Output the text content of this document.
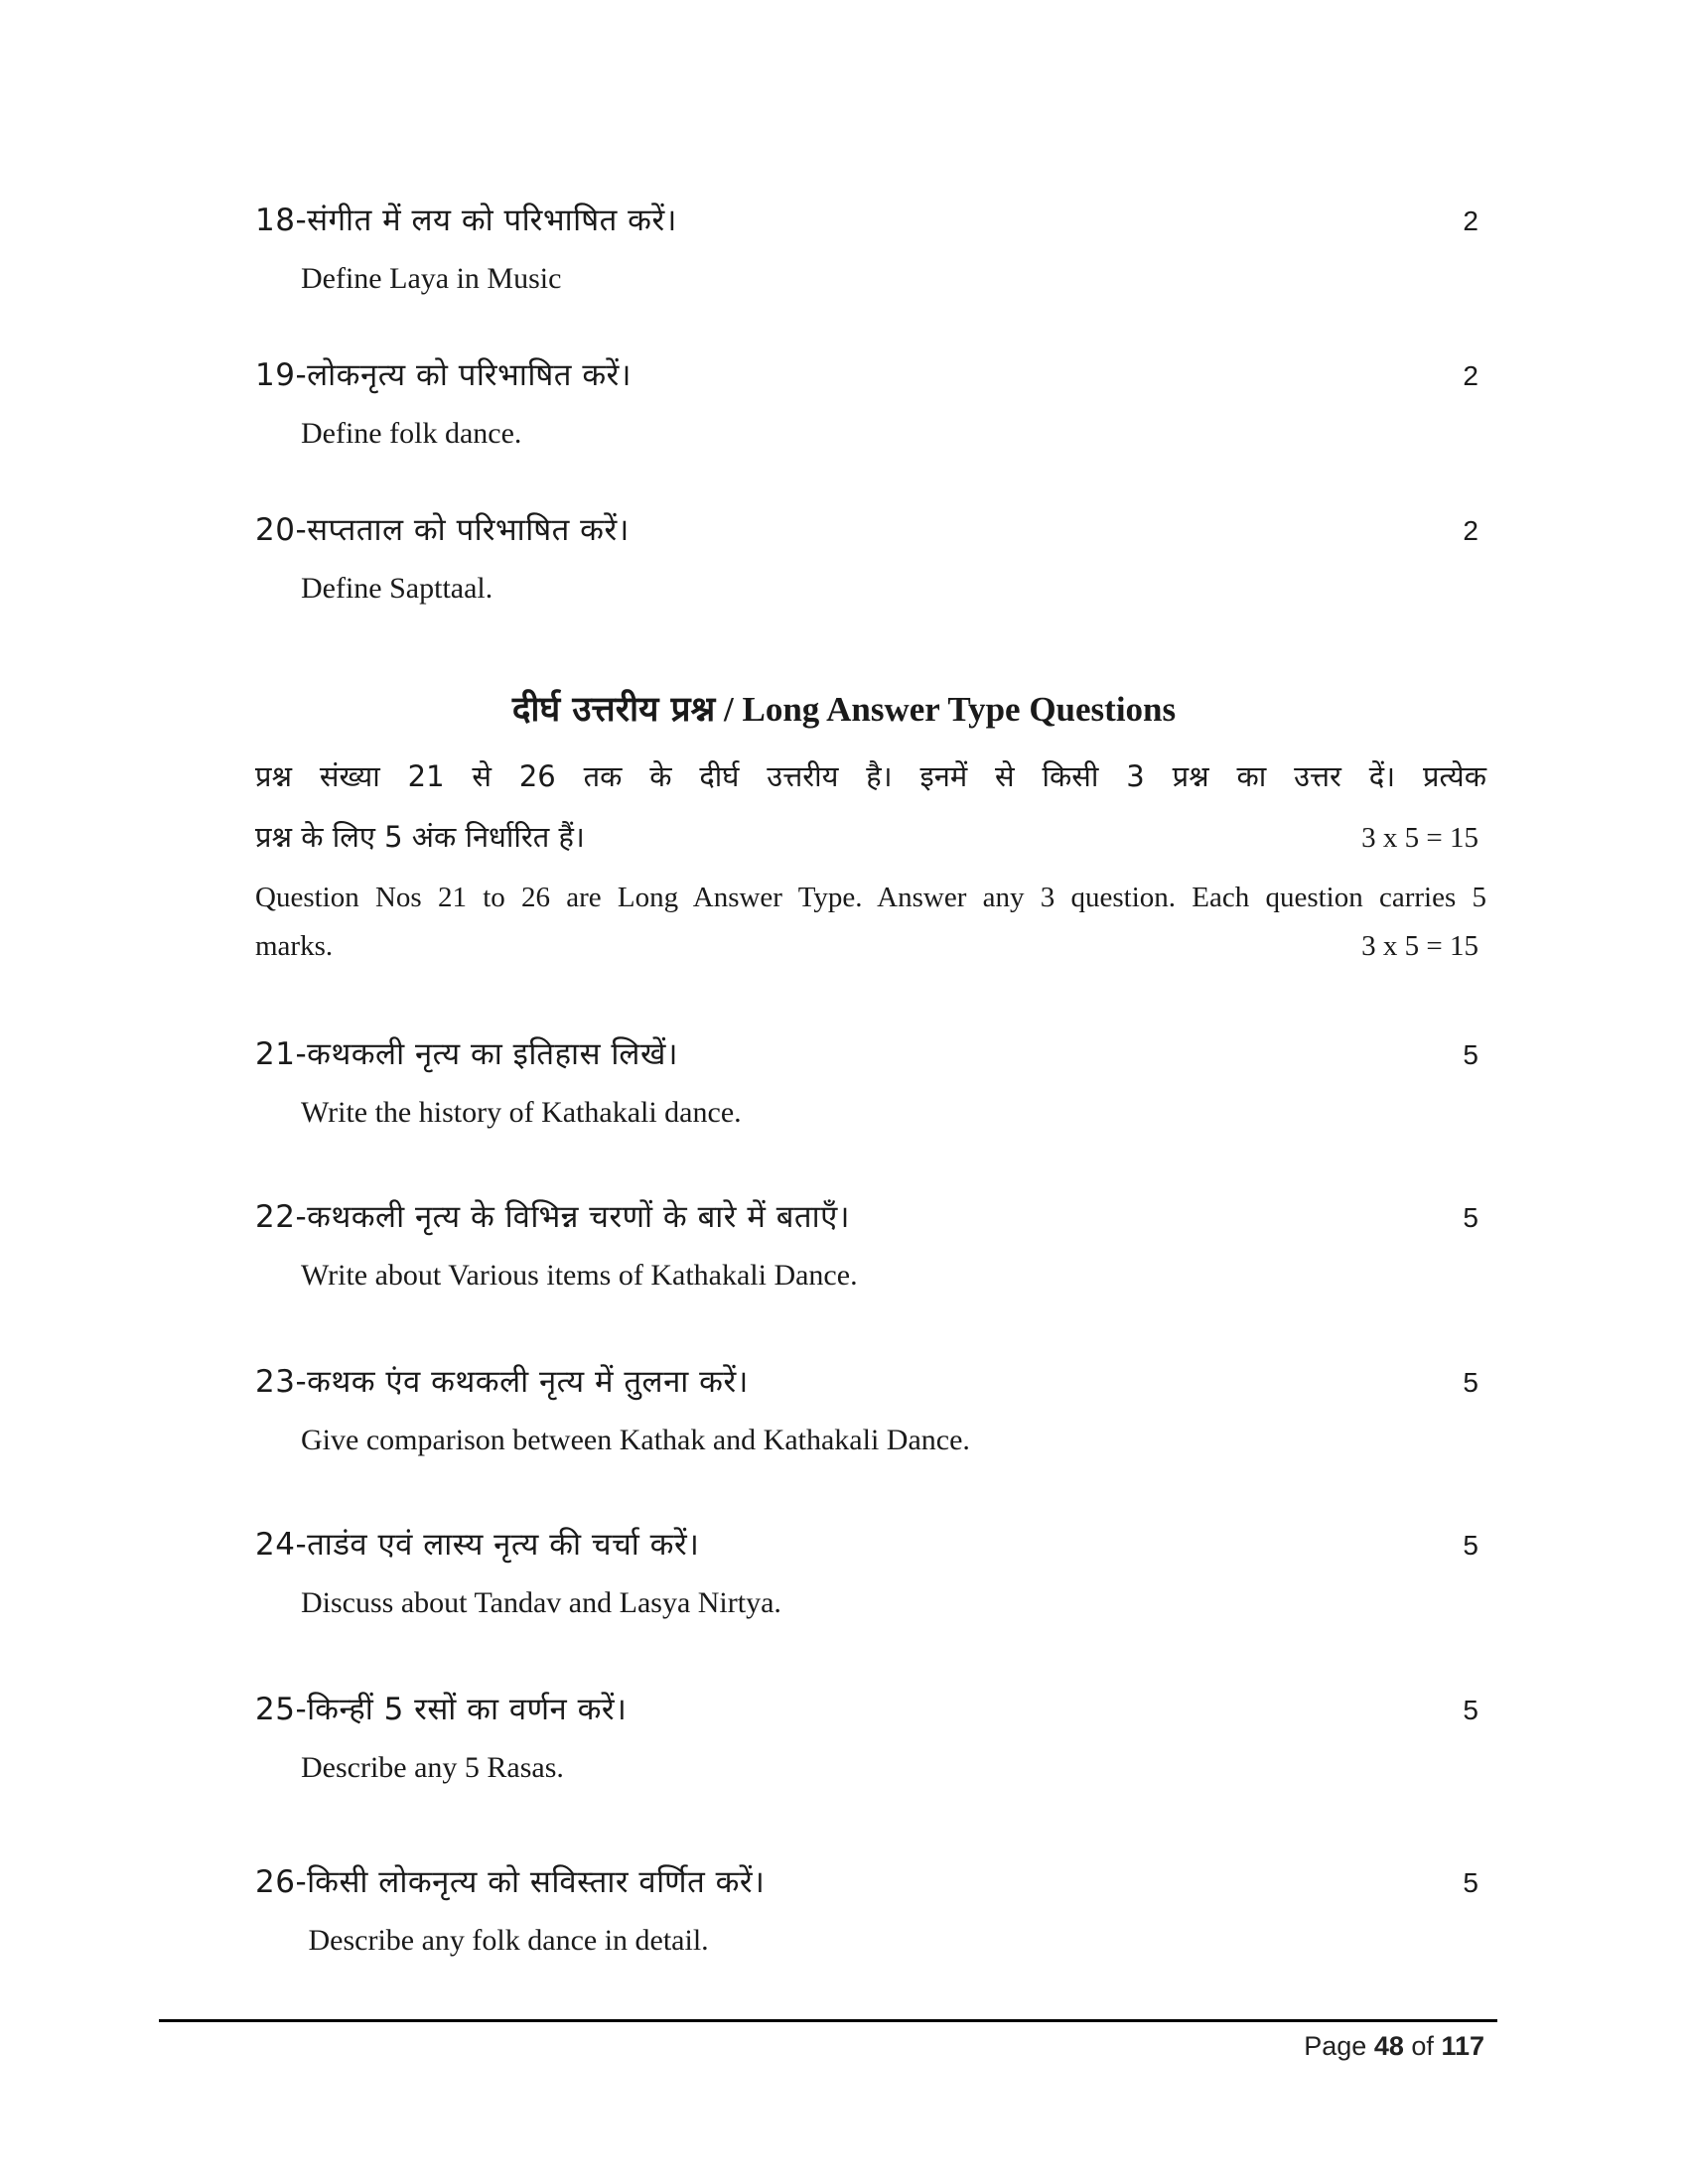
18-संगीत में लय को परिभाषित करें।	2
Define Laya in Music
19-लोकनृत्य को परिभाषित करें।	2
Define folk dance.
20-सप्तताल को परिभाषित करें।	2
Define Sapttaal.
दीर्घ उत्तरीय प्रश्न / Long Answer Type Questions
प्रश्न संख्या 21 से 26 तक के दीर्घ उत्तरीय है। इनमें से किसी 3 प्रश्न का उत्तर दें। प्रत्येक
प्रश्न के लिए 5 अंक निर्धारित हैं।	3 x 5 = 15
Question Nos 21 to 26 are Long Answer Type. Answer any 3 question. Each question carries 5
marks.	3 x 5 = 15
21-कथकली नृत्य का इतिहास लिखें।	5
Write the history of Kathakali dance.
22-कथकली नृत्य के विभिन्न चरणों के बारे में बताएँ।	5
Write about Various items of Kathakali Dance.
23-कथक एंव कथकली नृत्य में तुलना करें।	5
Give comparison between Kathak and Kathakali Dance.
24-ताडंव एवं लास्य नृत्य की चर्चा करें।	5
Discuss about Tandav and Lasya Nirtya.
25-किन्हीं 5 रसों का वर्णन करें।	5
Describe any 5 Rasas.
26-किसी लोकनृत्य को सविस्तार वर्णित करें।	5
Describe any folk dance in detail.
Page 48 of 117
